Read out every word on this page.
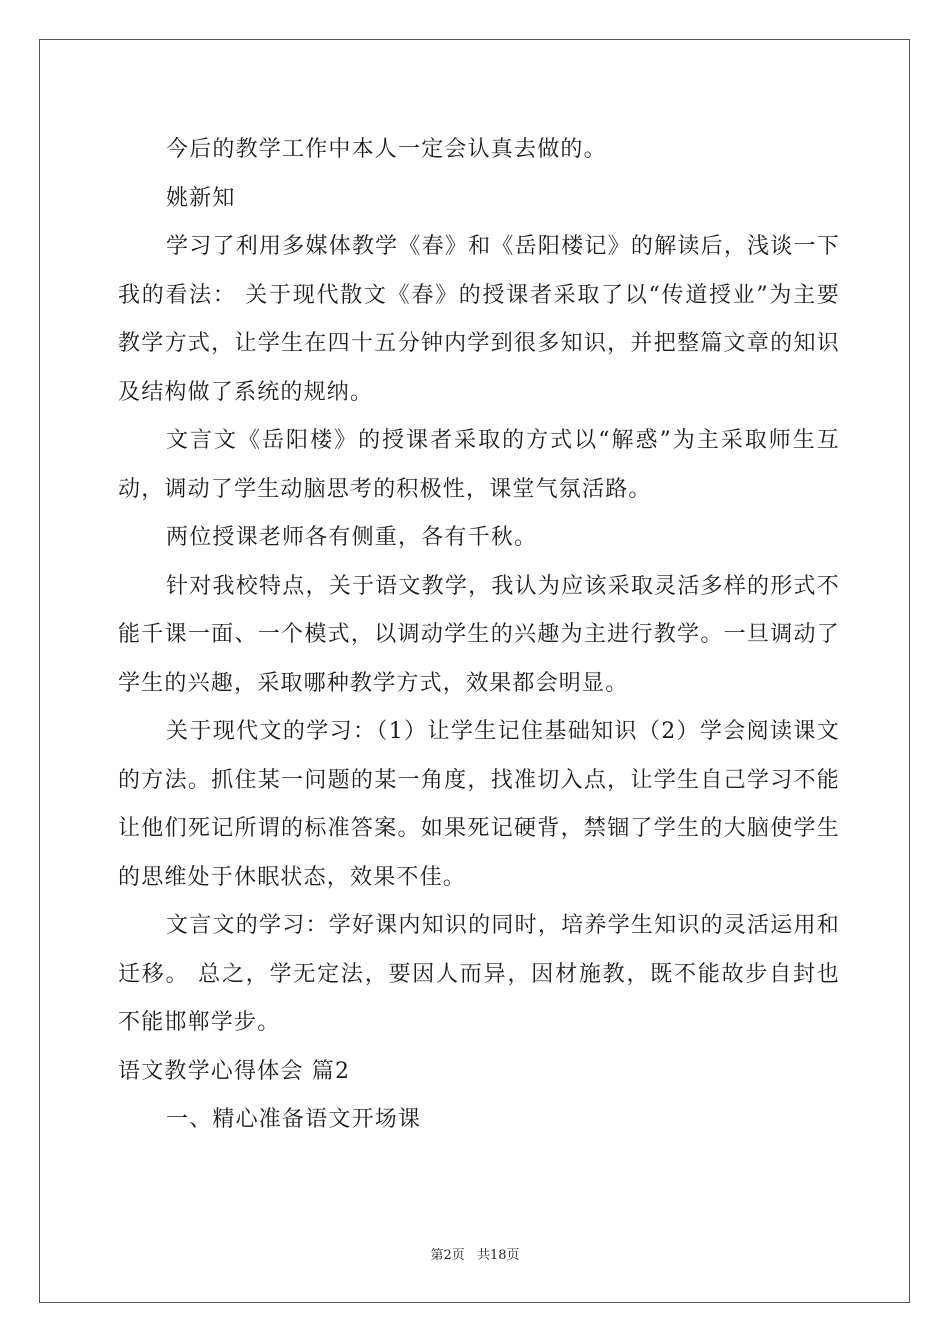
今后的教学工作中本人一定会认真去做的。

姚新知

学习了利用多媒体教学《春》和《岳阳楼记》的解读后，浅谈一下我的看法： 关于现代散文《春》的授课者采取了以“传道授业”为主要教学方式，让学生在四十五分钟内学到很多知识，并把整篇文章的知识及结构做了系统的规纳。

文言文《岳阳楼》的授课者采取的方式以“解惑”为主采取师生互动，调动了学生动脑思考的积极性，课堂气氛活路。

两位授课老师各有侧重，各有千秋。

针对我校特点，关于语文教学，我认为应该采取灵活多样的形式不能千课一面、一个模式，以调动学生的兴趣为主进行教学。一旦调动了学生的兴趣，采取哪种教学方式，效果都会明显。

关于现代文的学习：（1）让学生记住基础知识（2）学会阅读课文的方法。抓住某一问题的某一角度，找准切入点，让学生自己学习不能让他们死记所谓的标准答案。如果死记硬背，禁锢了学生的大脑使学生的思维处于休眠状态，效果不佳。

文言文的学习：学好课内知识的同时，培养学生知识的灵活运用和迁移。 总之，学无定法，要因人而异，因材施教，既不能故步自封也不能邯郸学步。

语文教学心得体会 篇2

一、精心准备语文开场课

第2页 共18页
